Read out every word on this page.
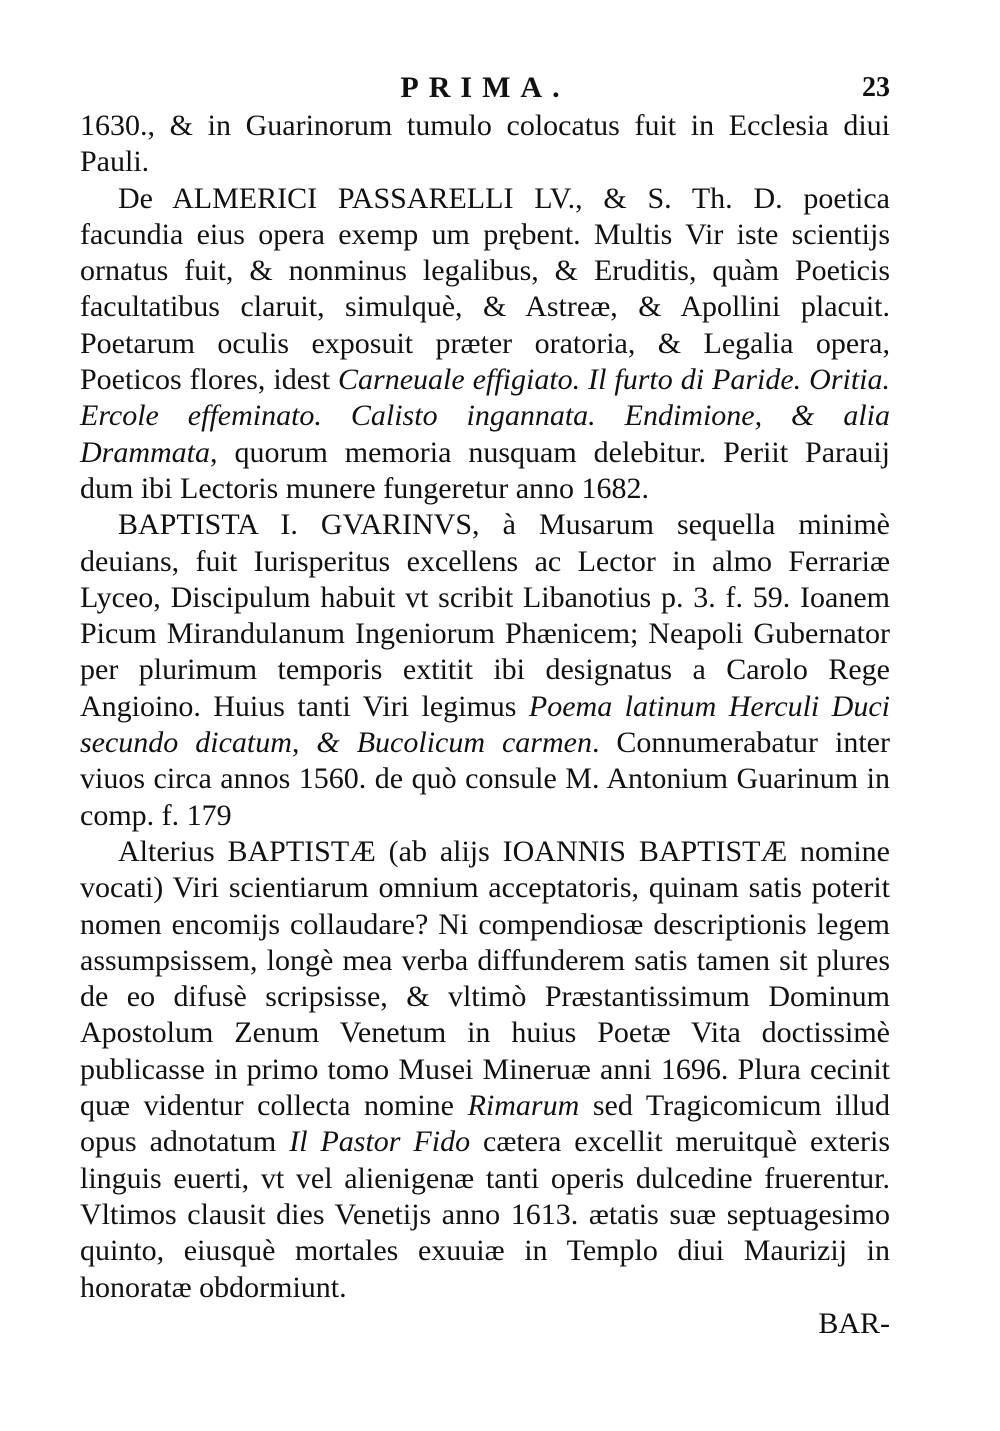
PRIMA.	23

1630., & in Guarinorum tumulo colocatus fuit in Ecclesia diui Pauli.

De ALMERICI PASSARELLI LV., & S. Th. D. poetica facundia eius opera exemp um prębent. Multis Vir iste scientijs ornatus fuit, & nonminus legalibus, & Eruditis, quàm Poeticis facultatibus claruit, simulquè, & Astreæ, & Apollini placuit. Poetarum oculis exposuit præter oratoria, & Legalia opera, Poeticos flores, idest Carneuale effigiato. Il furto di Paride. Oritia. Ercole effeminato. Calisto ingannata. Endimione, & alia Drammata, quorum memoria nusquam delebitur. Periit Parauij dum ibi Lectoris munere fungeretur anno 1682.

BAPTISTA I. GVARINVS, à Musarum sequella minimè deuians, fuit Iurisperitus excellens ac Lector in almo Ferrariæ Lyceo, Discipulum habuit vt scribit Libanotius p. 3. f. 59. Ioanem Picum Mirandulanum Ingeniorum Phænicem; Neapoli Gubernator per plurimum temporis extitit ibi designatus a Carolo Rege Angioino. Huius tanti Viri legimus Poema latinum Herculi Duci secundo dicatum, & Bucolicum carmen. Connumerabatur inter viuos circa annos 1560. de quò consule M. Antonium Guarinum in comp. f. 179

Alterius BAPTISTÆ (ab alijs IOANNIS BAPTISTÆ nomine vocati) Viri scientiarum omnium acceptatoris, quinam satis poterit nomen encomijs collaudare? Ni compendiosæ descriptionis legem assumpsissem, longè mea verba diffunderem satis tamen sit plures de eo difusè scripsisse, & vltimò Præstantissimum Dominum Apostolum Zenum Venetum in huius Poetæ Vita doctissimè publicasse in primo tomo Musei Mineruæ anni 1696. Plura cecinit quæ videntur collecta nomine Rimarum sed Tragicomicum illud opus adnotatum Il Pastor Fido cætera excellit meruitquè exteris linguis euerti, vt vel alienigenæ tanti operis dulcedine fruerentur. Vltimos clausit dies Venetijs anno 1613. ætatis suæ septuagesimo quinto, eiusquè mortales exuuiæ in Templo diui Maurizij in honoratæ obdormiunt.

BAR-
